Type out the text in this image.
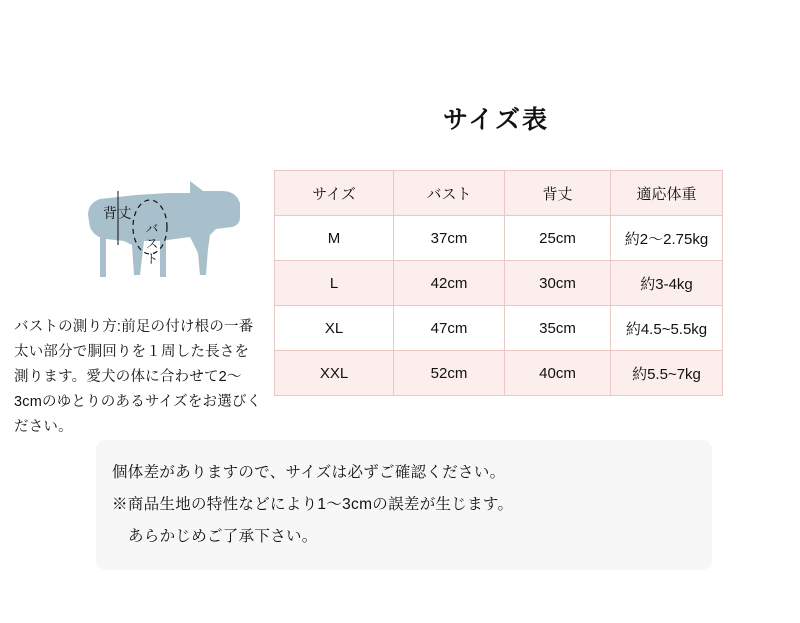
サイズ表
背丈
バスト
バストの測り方:前足の付け根の一番太い部分で胴回りを１周した長さを測ります。愛犬の体に合わせて2〜3cmのゆとりのあるサイズをお選びください。
サイズ	バスト	背丈	適応体重
M	37cm	25cm	約2〜2.75kg
L	42cm	30cm	約3-4kg
XL	47cm	35cm	約4.5~5.5kg
XXL	52cm	40cm	約5.5~7kg
個体差がありますので、サイズは必ずご確認ください。
※商品生地の特性などにより1〜3cmの誤差が生じます。
あらかじめご了承下さい。
